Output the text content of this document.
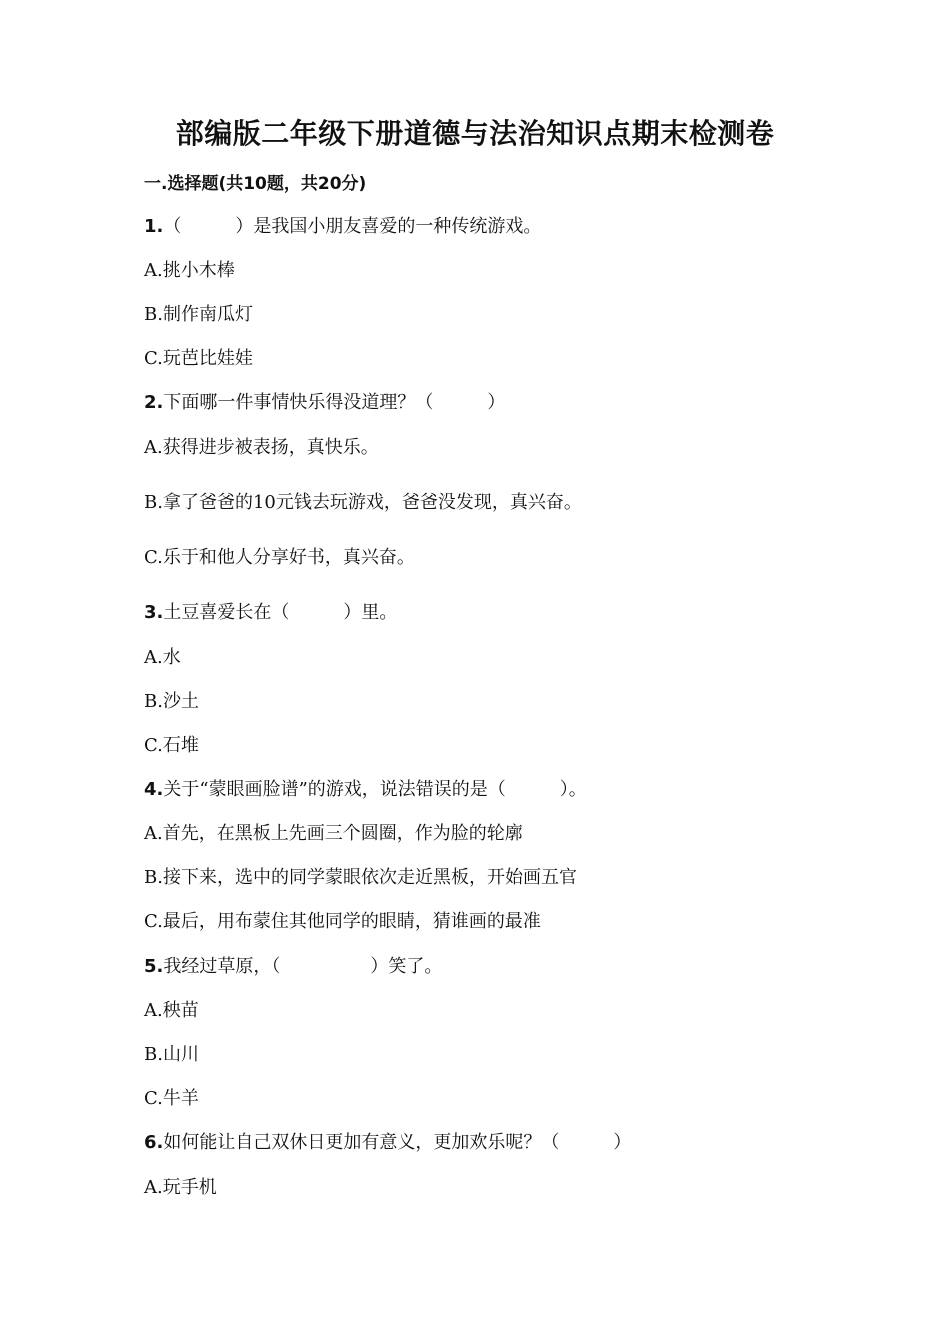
部编版二年级下册道德与法治知识点期末检测卷
一.选择题(共10题，共20分)
1.（　　　）是我国小朋友喜爱的一种传统游戏。
A.挑小木棒
B.制作南瓜灯
C.玩芭比娃娃
2.下面哪一件事情快乐得没道理？（　　　）
A.获得进步被表扬，真快乐。
B.拿了爸爸的10元钱去玩游戏，爸爸没发现，真兴奋。
C.乐于和他人分享好书，真兴奋。
3.土豆喜爱长在（　　　）里。
A.水
B.沙土
C.石堆
4.关于“蒙眼画脸谱”的游戏，说法错误的是（　　　）。
A.首先，在黑板上先画三个圆圈，作为脸的轮廓
B.接下来，选中的同学蒙眼依次走近黑板，开始画五官
C.最后，用布蒙住其他同学的眼睛，猜谁画的最准
5.我经过草原，（　　　　　）笑了。
A.秧苗
B.山川
C.牛羊
6.如何能让自己双休日更加有意义，更加欢乐呢？（　　　）
A.玩手机
